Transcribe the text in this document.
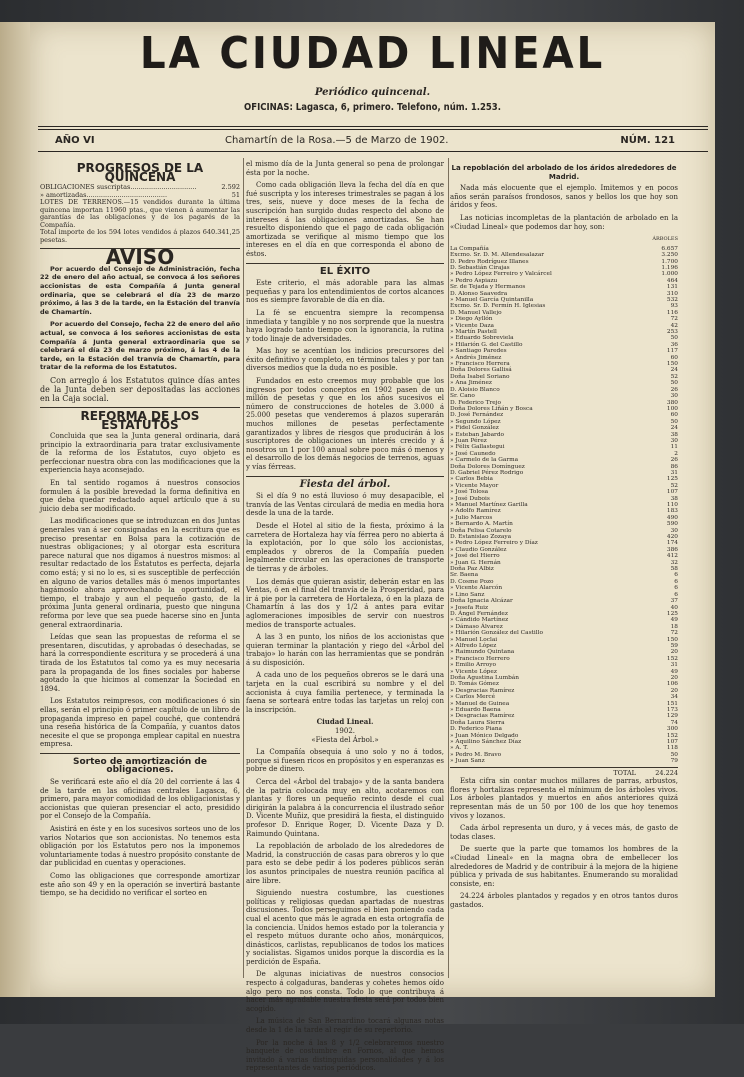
LA CIUDAD LINEAL
Periódico quincenal.
OFICINAS: Lagasca, 6, primero. Telefono, núm. 1.253.
AÑO VI	Chamartín de la Rosa.—5 de Marzo de 1902.	NÚM. 121
PROGRESOS DE LA QUINCENA
OBLIGACIONES suscriptas................................	2.592
» amortizadas.......................................	51
LOTES DE TERRENOS.—15 vendidos durante la última quincena importan 11960 ptas., que vienen á aumentar las garantías de las obligaciones y de los pagarés de la Compañía.	
Total importe de los 594 lotes vendidos á plazos 640.341,25 pesetas.	
AVISO

Por acuerdo del Consejo de Administración, fecha 22 de enero del año actual, se convoca á los señores accionistas de esta Compañía á Junta general ordinaria, que se celebrará el día 23 de marzo próximo, á las 3 de la tarde, en la Estación del tranvía de Chamartín.

Por acuerdo del Consejo, fecha 22 de enero del año actual, se convoca á los señores accionistas de esta Compañía á Junta general extraordinaria que se celebrará el día 23 de marzo próximo, á las 4 de la tarde, en la Estación del tranvía de Chamartín, para tratar de la reforma de los Estatutos.

Con arreglo á los Estatutos quince días antes de la Junta deben ser depositadas las acciones en la Caja social.

REFORMA DE LOS ESTATUTOS

Concluida que sea la Junta general ordinaria, dará principio la extraordinaria para tratar exclusivamente de la reforma de los Estatutos, cuyo objeto es perfeccionar nuestra obra con las modificaciones que la experiencia haya aconsejado.

En tal sentido rogamos á nuestros consocios formulen á la posible brevedad la forma definitiva en que deba quedar redactado aquel artículo que á su juicio deba ser modificado.

Las modificaciones que se introduzcan en dos Juntas generales van á ser consignadas en la escritura que es preciso presentar en Bolsa para la cotización de nuestras obligaciones; y al otorgar esta escritura parece natural que nos digamos á nuestros mismos: al resultar redactado de los Estatutos es perfecta, dejarla como está; y si no lo es, si es susceptible de perfección en alguno de varios detalles más ó menos importantes hagámoslo ahora aprovechando la oportunidad, el tiempo, el trabajo y aun el pequeño gasto, de la próxima Junta general ordinaria, puesto que ninguna reforma por leve que sea puede hacerse sino en Junta general extraordinaria.

Leídas que sean las propuestas de reforma el se presentaren, discutidas, y aprobadas ó desechadas, se hará la correspondiente escritura y se procederá á una tirada de los Estatutos tal como ya es muy necesaria para la propaganda de los fines sociales por haberse agotado la que hicimos al comenzar la Sociedad en 1894.

Los Estatutos reimpresos, con modificaciones ó sin ellas, serán el principio ó primer capítulo de un libro de propaganda impreso en papel couché, que contendrá una reseña histórica de la Compañía, y cuantos datos necesite el que se proponga emplear capital en nuestra empresa.

Sorteo de amortización de obligaciones.

Se verificará este año el día 20 del corriente á las 4 de la tarde en las oficinas centrales Lagasca, 6, primero, para mayor comodidad de los obligacionistas y accionistas que quieran presenciar el acto, presidido por el Consejo de la Compañía.

Asistirá en éste y en los sucesivos sorteos uno de los varios Notarios que son accionistas. No tenemos esta obligación por los Estatutos pero nos la imponemos voluntariamente todas á nuestro propósito constante de dar publicidad en cuentas y operaciones.

Como las obligaciones que corresponde amortizar este año son 49 y en la operación se invertirá bastante tiempo, se ha decidido no verificar el sorteo en

el mismo día de la Junta general so pena de prolongar ésta por la noche.

Como cada obligación lleva la fecha del día en que fué suscripta y los intereses trimestrales se pagan á los tres, seis, nueve y doce meses de la fecha de suscripción han surgido dudas respecto del abono de intereses á las obligaciones amortizadas. Se han resuelto disponiendo que el pago de cada obligación amortizada se verifique al mismo tiempo que los intereses en el día en que corresponda el abono de éstos.

EL ÉXITO

Este criterio, el más adorable para las almas pequeñas y para los entendimientos de cortos alcances nos es siempre favorable de día en día.

La fé se encuentra siempre la recompensa inmediata y tangible y no nos sorprende que la nuestra haya logrado tanto tiempo con la ignorancia, la rutina y todo linaje de adversidades.

Mas hoy se acentúan los indicios precursores del éxito definitivo y completo, en términos tales y por tan diversos medios que la duda no es posible.

Fundados en esto creemos muy probable que los ingresos por todos conceptos en 1902 pasen de un millón de pesetas y que en los años sucesivos el número de construcciones de hoteles de 3.000 á 25.000 pesetas que venderemos á plazos superarán muchos millones de pesetas perfectamente garantizados y libres de riesgos que producirán á los suscriptores de obligaciones un interés crecido y á nosotros un 1 por 100 anual sobre poco más ó menos y el desarrollo de los demás negocios de terrenos, aguas y vías férreas.

Fiesta del árbol.

Si el día 9 no está lluvioso ó muy desapacible, el tranvía de las Ventas circulará de media en media hora desde la una de la tarde.

Desde el Hotel al sitio de la fiesta, próximo á la carretera de Hortaleza hay vía férrea pero no abierta á la explotación, por lo que sólo los accionistas, empleados y obreros de la Compañía pueden legalmente circular en las operaciones de transporte de tierras y de árboles.

Los demás que quieran asistir, deberán estar en las Ventas, ó en el final del tranvía de la Prosperidad, para ir á pie por la carretera de Hortaleza, ó en la plaza de Chamartín á las dos y 1/2 á antes para evitar aglomeraciones imposibles de servir con nuestros medios de transporte actuales.

A las 3 en punto, los niños de los accionistas que quieran terminar la plantación y riego del «Árbol del trabajo» lo harán con las herramientas que se pondrán á su disposición.

A cada uno de los pequeños obreros se le dará una tarjeta en la cual escribirá su nombre y el del accionista á cuya familia pertenece, y terminada la faena se sorteará entre todas las tarjetas un reloj con la inscripción.

Ciudad Lineal.

1902.

«Fiesta del Árbol.»

La Compañía obsequia á uno solo y no á todos, porque si fuesen ricos en propósitos y en esperanzas es pobre de dinero.

Cerca del «Árbol del trabajo» y de la santa bandera de la patria colocada muy en alto, acotaremos con plantas y flores un pequeño recinto desde el cual dirigirán la palabra á la concurrencia el ilustrado señor D. Vicente Muñiz, que presidirá la fiesta, el distinguido profesor D. Enrique Roger, D. Vicente Daza y D. Raimundo Quintana.

La repoblación de arbolado de los alrededores de Madrid, la construcción de casas para obreros y lo que para esto se debe pedir á los poderes públicos serán los asuntos principales de nuestra reunión pacífica al aire libre.

Siguiendo nuestra costumbre, las cuestiones políticas y religiosas quedan apartadas de nuestras discusiones. Todos perseguimos el bien poniendo cada cual el acento que más le agrada en esta ortografía de la conciencia. Unidos hemos estado por la tolerancia y el respeto mútuos durante ocho años, monárquicos, dinásticos, carlistas, republicanos de todos los matices y socialistas. Sigamos unidos porque la discordia es la perdición de España.

De algunas iniciativas de nuestros consocios respecto á colgaduras, banderas y cohetes hemos oído algo pero no nos consta. Todo lo que contribuya á hacer más agradable nuestra fiesta será por todos bien acogido.

La música de San Bernardino tocará algunas notas desde la 1 de la tarde al regir de su repertorio.

Por la noche á las 8 y 1/2 celebraremos nuestro banquete de costumbre en Fornos, al que hemos invitado á varias distinguidas personalidades y á los representantes de varios periódicos.

La repoblación del arbolado de los áridos alrededores de Madrid.

Nada más elocuente que el ejemplo. Imitemos y en pocos años serán paraísos frondosos, sanos y bellos los que hoy son áridos y feos.

Las noticias incompletas de la plantación de arbolado en la «Ciudad Lineal» que podemos dar hoy, son:

ÁRBOLES
La Compañía	6.657
Excmo. Sr. D. M. Allendesalazar	3.250
D. Pedro Rodríguez Illanes	1.700
D. Sebastián Cirajas	1.196
» Pedro López Ferreiro y Valcárcel	1.000
» Pedro Aspiazu	464
Sr. de Tejada y Hermanos	131
D. Alonso Saavedra	310
» Manuel García Quintanilla	532
Excmo. Sr. D. Fermín H. Iglesias	93
D. Manuel Vallejo	116
» Diego Ayllón	72
» Vicente Daza	42
» Martín Pastell	253
» Eduardo Sobreviela	50
» Hilarión G. del Castillo	36
» Santiago Paredes	117
» Andrés Jiménez	60
» Francisco Herrera	150
Doña Dolores Gallisá	24
Doña Isabel Soriano	52
» Ana Jiménez	50
D. Aloisio Blanco	26
Sr. Cano	30
D. Federico Trejo	380
Doña Dolores Liñán y Bosca	100
D. José Fernández	60
» Segundo López	50
» Fidel González	24
» Esteban Jabardo	38
» Juan Pérez	30
» Félix Gallastegui	11
» José Caunedo	2
» Carmelo de la Garma	26
Doña Dolores Domínguez	86
D. Gabriel Pérez Rodrigo	31
» Carlos Bebia	125
» Vicente Mayor	52
» José Tolosa	107
» José Dubois	38
» Manuel Martínez Garilla	110
» Adolfo Ramírez	183
» Julio Marcos	490
» Bernardo A. Martín	590
Doña Felisa Cotarelo	30
D. Estanislao Zozaya	420
» Pedro López Ferreiro y Díaz	174
» Claudio González	386
» José del Hierro	412
» Juan G. Hernán	32
Doña Paz Albiz	58
Sr. Baena	6
D. Cosme Pozo	6
» Vicente Alarcón	6
» Lino Sanz	6
Doña Ignacia Alcázar	37
» Josefa Ruiz	40
D. Ángel Fernández	125
» Cándido Martínez	49
» Dámaso Álvarez	18
» Hilarión González del Castillo	72
» Manuel Loclai	150
» Alfredo López	59
» Raimundo Quintana	20
» Francisco Herrero	152
» Emilio Arroyo	31
» Vicente López	49
Doña Agustina Lumbán	20
D. Tomás Gómez	106
» Desgracias Ramírez	20
» Carlos Mercé	34
» Manuel de Guinea	151
» Eduardo Baena	173
» Desgracias Ramírez	129
Doña Laura Sierra	74
D. Federico Piana	300
» Juan Mónico Delgado	152
» Aquilino Sánchez Díaz	107
» A. T.	118
» Pedro M. Bravo	50
» Juan Sanz	79
TOTAL	24.224

Esta cifra sin contar muchos millares de parras, arbustos, flores y hortalizas representa el mínimum de los árboles vivos. Los árboles plantados y muertos en años anteriores quizá representan más de un 50 por 100 de los que hoy tenemos vivos y lozanos.

Cada árbol representa un duro, y á veces más, de gasto de todas clases.

De suerte que la parte que tomamos los hombres de la «Ciudad Lineal» en la magna obra de embellecer los alrededores de Madrid y de contribuir á la mejora de la higiene pública y privada de sus habitantes. Enumerando su moralidad consiste, en:

24.224 árboles plantados y regados y en otros tantos duros gastados.
